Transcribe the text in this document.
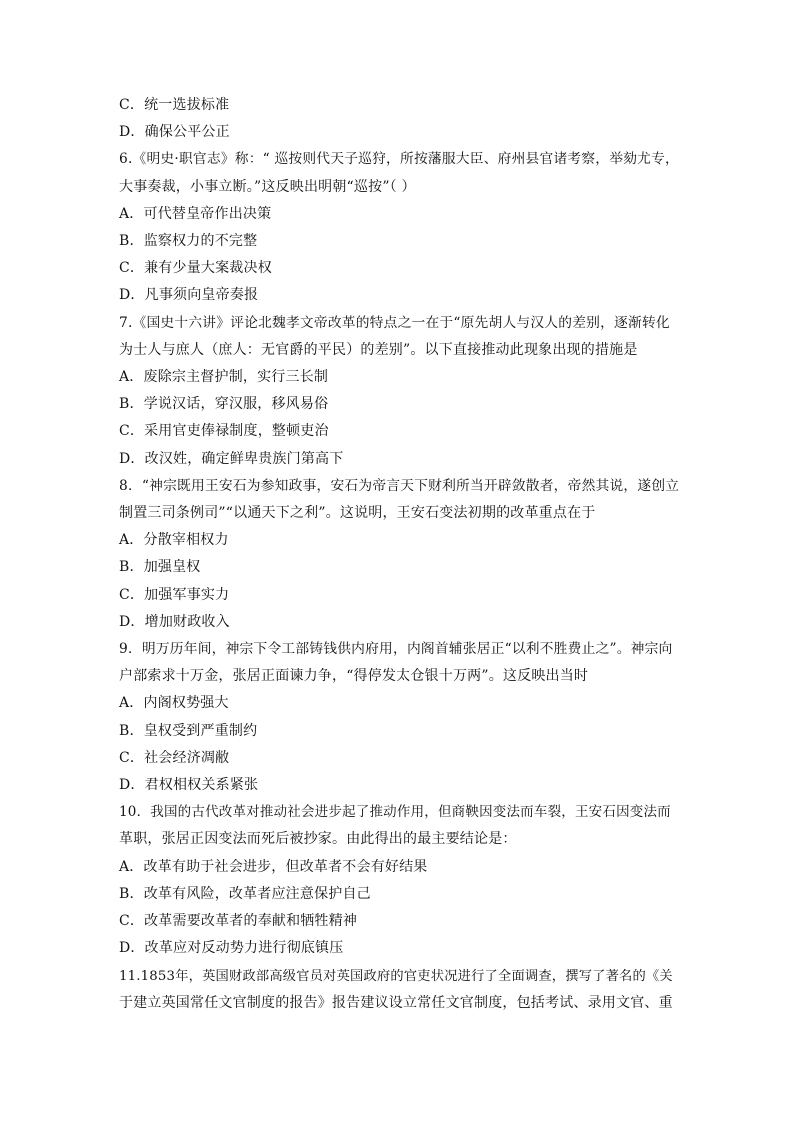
C．统一选拔标准
D．确保公平公正
6.《明史·职官志》称：“ 巡按则代天子巡狩，所按藩服大臣、府州县官诸考察，举劾尤专，
大事奏裁，小事立断。”这反映出明朝“巡按”（ ）
A．可代替皇帝作出决策
B．监察权力的不完整
C．兼有少量大案裁决权
D．凡事须向皇帝奏报
7.《国史十六讲》评论北魏孝文帝改革的特点之一在于“原先胡人与汉人的差别，逐渐转化
为士人与庶人（庶人：无官爵的平民）的差别”。以下直接推动此现象出现的措施是
A．废除宗主督护制，实行三长制
B．学说汉话，穿汉服，移风易俗
C．采用官吏俸禄制度，整顿吏治
D．改汉姓，确定鲜卑贵族门第高下
8．“神宗既用王安石为参知政事，安石为帝言天下财利所当开辟敛散者，帝然其说，遂创立
制置三司条例司”“以通天下之利”。这说明，王安石变法初期的改革重点在于
A．分散宰相权力
B．加强皇权
C．加强军事实力
D．增加财政收入
9．明万历年间，神宗下令工部铸钱供内府用，内阁首辅张居正“以利不胜费止之”。神宗向
户部索求十万金，张居正面谏力争，“得停发太仓银十万两”。这反映出当时
A．内阁权势强大
B．皇权受到严重制约
C．社会经济凋敝
D．君权相权关系紧张
10．我国的古代改革对推动社会进步起了推动作用，但商鞅因变法而车裂，王安石因变法而
革职，张居正因变法而死后被抄家。由此得出的最主要结论是：
A．改革有助于社会进步，但改革者不会有好结果
B．改革有风险，改革者应注意保护自己
C．改革需要改革者的奉献和牺牲精神
D．改革应对反动势力进行彻底镇压
11.1853年，英国财政部高级官员对英国政府的官吏状况进行了全面调查，撰写了著名的《关
于建立英国常任文官制度的报告》报告建议设立常任文官制度，包括考试、录用文官、重
